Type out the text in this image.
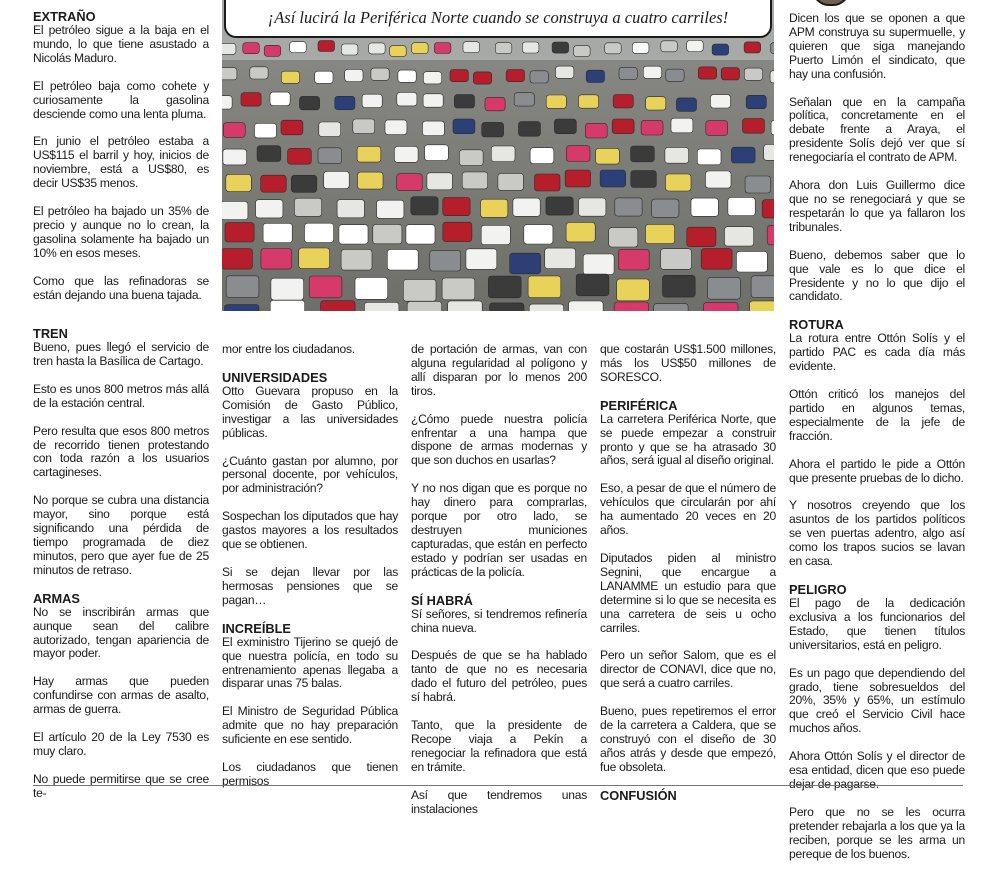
EXTRAÑO

El petróleo sigue a la baja en el mundo, lo que tiene asustado a Nicolás Maduro.

El petróleo baja como cohete y curiosamente la gasolina desciende como una lenta pluma.

En junio el petróleo estaba a US$115 el barril y hoy, inicios de noviembre, está a US$80, es decir US$35 menos.

El petróleo ha bajado un 35% de precio y aunque no lo crean, la gasolina solamente ha bajado un 10% en esos meses.

Como que las refinadoras se están dejando una buena tajada.

TREN

Bueno, pues llegó el servicio de tren hasta la Basílica de Cartago.

Esto es unos 800 metros más allá de la estación central.

Pero resulta que esos 800 metros de recorrido tienen protestando con toda razón a los usuarios cartagineses.

No porque se cubra una distancia mayor, sino porque está significando una pérdida de tiempo programada de diez minutos, pero que ayer fue de 25 minutos de retraso.

ARMAS

No se inscribirán armas que aunque sean del calibre autorizado, tengan apariencia de mayor poder.

Hay armas que pueden confundirse con armas de asalto, armas de guerra.

El artículo 20 de la Ley 7530 es muy claro.

No puede permitirse que se cree te-

¡Así lucirá la Periférica Norte cuando se construya a cuatro carriles!

mor entre los ciudadanos.

UNIVERSIDADES

Otto Guevara propuso en la Comisión de Gasto Público, investigar a las universidades públicas.

¿Cuánto gastan por alumno, por personal docente, por vehículos, por administración?

Sospechan los diputados que hay gastos mayores a los resultados que se obtienen.

Si se dejan llevar por las hermosas pensiones que se pagan…

INCREÍBLE

El exministro Tijerino se quejó de que nuestra policía, en todo su entrenamiento apenas llegaba a disparar unas 75 balas.

El Ministro de Seguridad Pública admite que no hay preparación suficiente en ese sentido.

Los ciudadanos que tienen permisos

de portación de armas, van con alguna regularidad al polígono y allí disparan por lo menos 200 tiros.

¿Cómo puede nuestra policía enfrentar a una hampa que dispone de armas modernas y que son duchos en usarlas?

Y no nos digan que es porque no hay dinero para comprarlas, porque por otro lado, se destruyen municiones capturadas, que están en perfecto estado y podrían ser usadas en prácticas de la policía.

SÍ HABRÁ

Sí señores, si tendremos refinería china nueva.

Después de que se ha hablado tanto de que no es necesaria dado el futuro del petróleo, pues sí habrá.

Tanto, que la presidente de Recope viaja a Pekín a renegociar la refinadora que está en trámite.

Así que tendremos unas instalaciones

que costarán US$1.500 millones, más los US$50 millones de SORESCO.

PERIFÉRICA

La carretera Periférica Norte, que se puede empezar a construir pronto y que se ha atrasado 30 años, será igual al diseño original.

Eso, a pesar de que el número de vehículos que circularán por ahí ha aumentado 20 veces en 20 años.

Diputados piden al ministro Segnini, que encargue a LANAMME un estudio para que determine si lo que se necesita es una carretera de seis u ocho carriles.

Pero un señor Salom, que es el director de CONAVI, dice que no, que será a cuatro carriles.

Bueno, pues repetiremos el error de la carretera a Caldera, que se construyó con el diseño de 30 años atrás y desde que empezó, fue obsoleta.

CONFUSIÓN

Dicen los que se oponen a que APM construya su supermuelle, y quieren que siga manejando Puerto Limón el sindicato, que hay una confusión.

Señalan que en la campaña política, concretamente en el debate frente a Araya, el presidente Solís dejó ver que sí renegociaría el contrato de APM.

Ahora don Luis Guillermo dice que no se renegociará y que se respetarán lo que ya fallaron los tribunales.

Bueno, debemos saber que lo que vale es lo que dice el Presidente y no lo que dijo el candidato.

ROTURA

La rotura entre Ottón Solís y el partido PAC es cada día más evidente.

Ottón criticó los manejos del partido en algunos temas, especialmente de la jefe de fracción.

Ahora el partido le pide a Ottón que presente pruebas de lo dicho.

Y nosotros creyendo que los asuntos de los partidos políticos se ven puertas adentro, algo así como los trapos sucios se lavan en casa.

PELIGRO

El pago de la dedicación exclusiva a los funcionarios del Estado, que tienen títulos universitarios, está en peligro.

Es un pago que dependiendo del grado, tiene sobresueldos del 20%, 35% y 65%, un estímulo que creó el Servicio Civil hace muchos años.

Ahora Ottón Solís y el director de esa entidad, dicen que eso puede dejar de pagarse.

Pero que no se les ocurra pretender rebajarla a los que ya la reciben, porque se les arma un pereque de los buenos.
